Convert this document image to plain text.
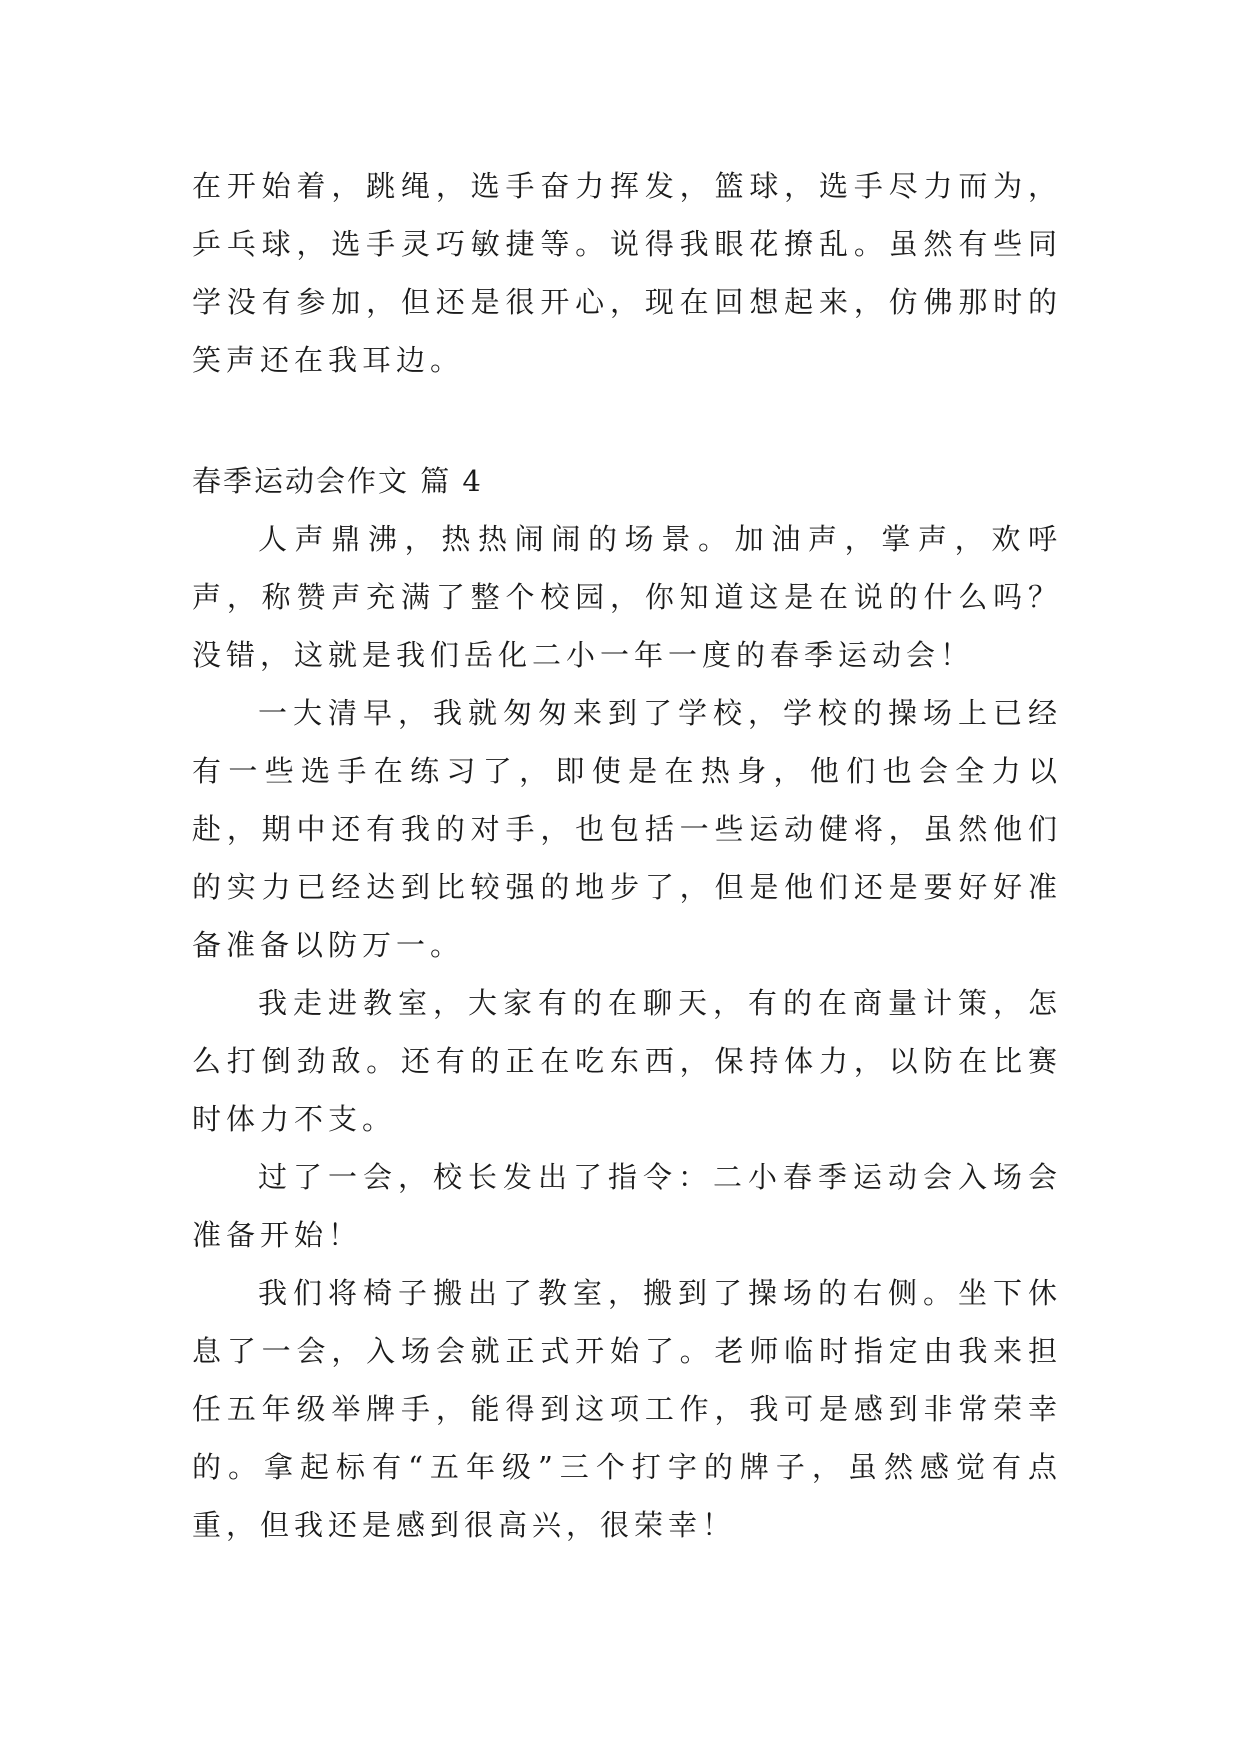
在开始着，跳绳，选手奋力挥发，篮球，选手尽力而为，乒乓球，选手灵巧敏捷等。说得我眼花撩乱。虽然有些同学没有参加，但还是很开心，现在回想起来，仿佛那时的笑声还在我耳边。

春季运动会作文 篇 4

人声鼎沸，热热闹闹的场景。加油声，掌声，欢呼声，称赞声充满了整个校园，你知道这是在说的什么吗？没错，这就是我们岳化二小一年一度的春季运动会！

一大清早，我就匆匆来到了学校，学校的操场上已经有一些选手在练习了，即使是在热身，他们也会全力以赴，期中还有我的对手，也包括一些运动健将，虽然他们的实力已经达到比较强的地步了，但是他们还是要好好准备准备以防万一。

我走进教室，大家有的在聊天，有的在商量计策，怎么打倒劲敌。还有的正在吃东西，保持体力，以防在比赛时体力不支。

过了一会，校长发出了指令：二小春季运动会入场会准备开始！

我们将椅子搬出了教室，搬到了操场的右侧。坐下休息了一会，入场会就正式开始了。老师临时指定由我来担任五年级举牌手，能得到这项工作，我可是感到非常荣幸的。拿起标有“五年级”三个打字的牌子，虽然感觉有点重，但我还是感到很高兴，很荣幸！
